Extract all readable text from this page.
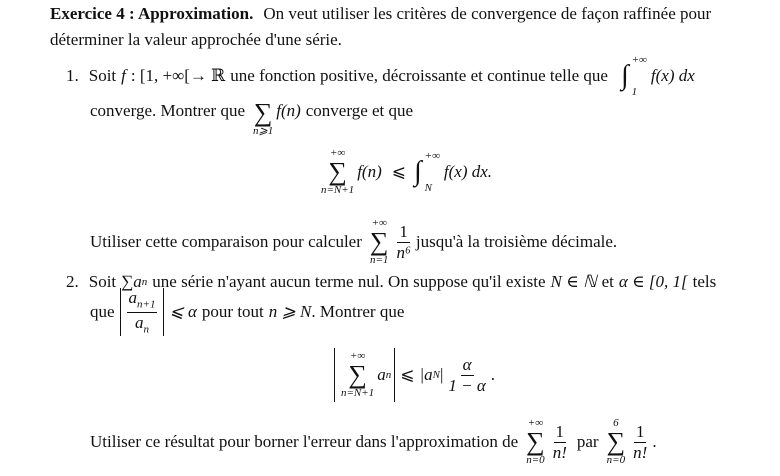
Exercice 4 : Approximation. On veut utiliser les critères de convergence de façon raffinée pour
déterminer la valeur approchée d'une série.
1. Soit f : [1, +∞[→ ℝ une fonction positive, décroissante et continue telle que ∫ +∞
1
f(x) dx
converge. Montrer que ∑
n⩾1
f(n) converge et que
+∞
∑
n=N+1
f(n) ⩽ ∫ +∞
N
f(x) dx.
Utiliser cette comparaison pour calculer
+∞
∑
$n=1 \frac{1}{\text{n⁶}}$ jusqu'à la troisième décimale.
2. Soit ∑ a n une série n'ayant aucun terme nul. On suppose qu'il existe N ∈ ℕ et α ∈ [0, 1[ tels
que $\frac{a_{n+1}}{a_n}$ ⩽ α pour tout n ⩾ N . Montrer que
+∞
∑
n=N+1
a n ⩽ |a N | $\frac{\alpha}{1 - \alpha}$ .
Utiliser ce résultat pour borner l'erreur dans l'approximation de
+∞
∑
$n=0 \frac{1}{n!}$ par
6
∑
$n=0 \frac{1}{n!}$ .
